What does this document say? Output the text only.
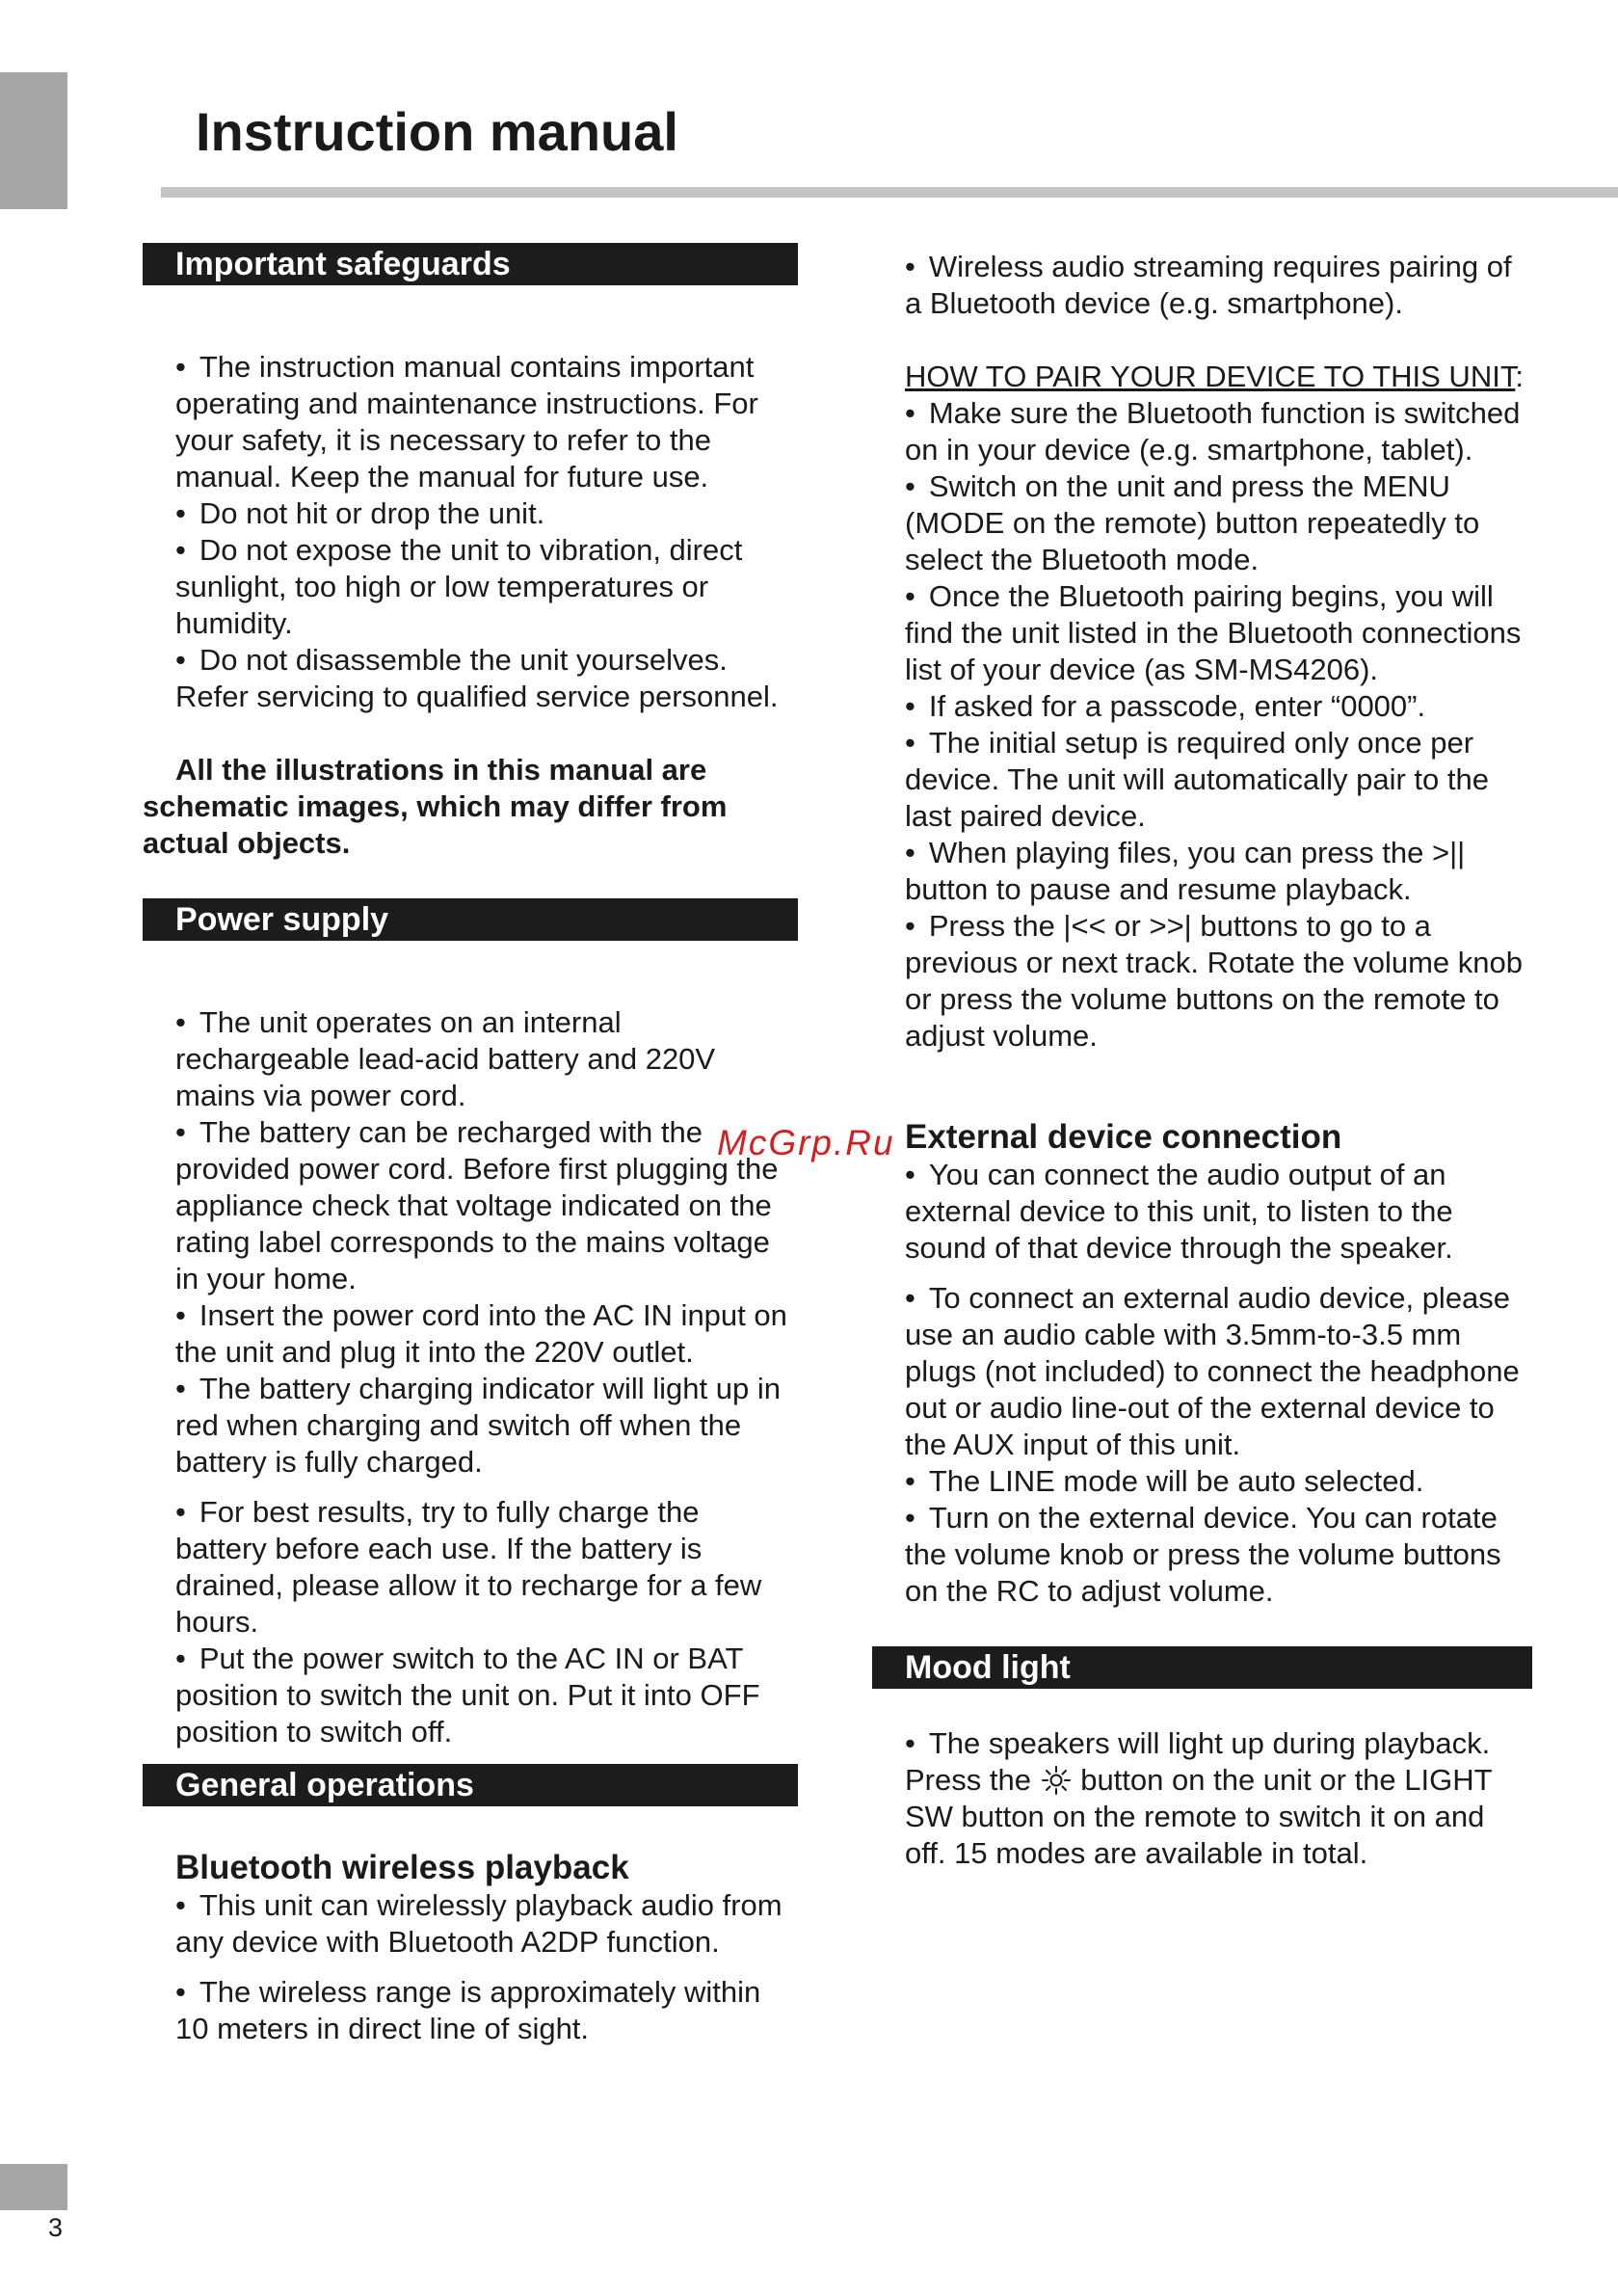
3
Instruction manual
McGrp.Ru
Important safeguards

• The instruction manual contains important operating and maintenance instructions. For your safety, it is necessary to refer to the manual. Keep the manual for future use.

• Do not hit or drop the unit.

• Do not expose the unit to vibration, direct sunlight, too high or low temperatures or humidity.

• Do not disassemble the unit yourselves. Refer servicing to qualified service personnel.

All the illustrations in this manual are schematic images, which may differ from actual objects.

Power supply

• The unit operates on an internal rechargeable lead-acid battery and 220V mains via power cord.

• The battery can be recharged with the provided power cord. Before first plugging the appliance check that voltage indicated on the rating label corresponds to the mains voltage in your home.

• Insert the power cord into the AC IN input on the unit and plug it into the 220V outlet.

• The battery charging indicator will light up in red when charging and switch off when the battery is fully charged.

• For best results, try to fully charge the battery before each use. If the battery is drained, please allow it to recharge for a few hours.

• Put the power switch to the AC IN or BAT position to switch the unit on. Put it into OFF position to switch off.

General operations
Bluetooth wireless playback

• This unit can wirelessly playback audio from any device with Bluetooth A2DP function.

• The wireless range is approximately within 10 meters in direct line of sight.

• Wireless audio streaming requires pairing of a Bluetooth device (e.g. smartphone).

HOW TO PAIR YOUR DEVICE TO THIS UNIT:

• Make sure the Bluetooth function is switched on in your device (e.g. smartphone, tablet).

• Switch on the unit and press the MENU (MODE on the remote) button repeatedly to select the Bluetooth mode.

• Once the Bluetooth pairing begins, you will find the unit listed in the Bluetooth connections list of your device (as SM-MS4206).

• If asked for a passcode, enter “0000”.

• The initial setup is required only once per device. The unit will automatically pair to the last paired device.

• When playing files, you can press the >|| button to pause and resume playback.

• Press the |<< or >>| buttons to go to a previous or next track. Rotate the volume knob or press the volume buttons on the remote to adjust volume.

External device connection

• You can connect the audio output of an external device to this unit, to listen to the sound of that device through the speaker.

• To connect an external audio device, please use an audio cable with 3.5mm-to-3.5 mm plugs (not included) to connect the headphone out or audio line-out of the external device to the AUX input of this unit.

• The LINE mode will be auto selected.

• Turn on the external device. You can rotate the volume knob or press the volume buttons on the RC to adjust volume.

Mood light

• The speakers will light up during playback. Press the button on the unit or the LIGHT SW button on the remote to switch it on and off. 15 modes are available in total.
